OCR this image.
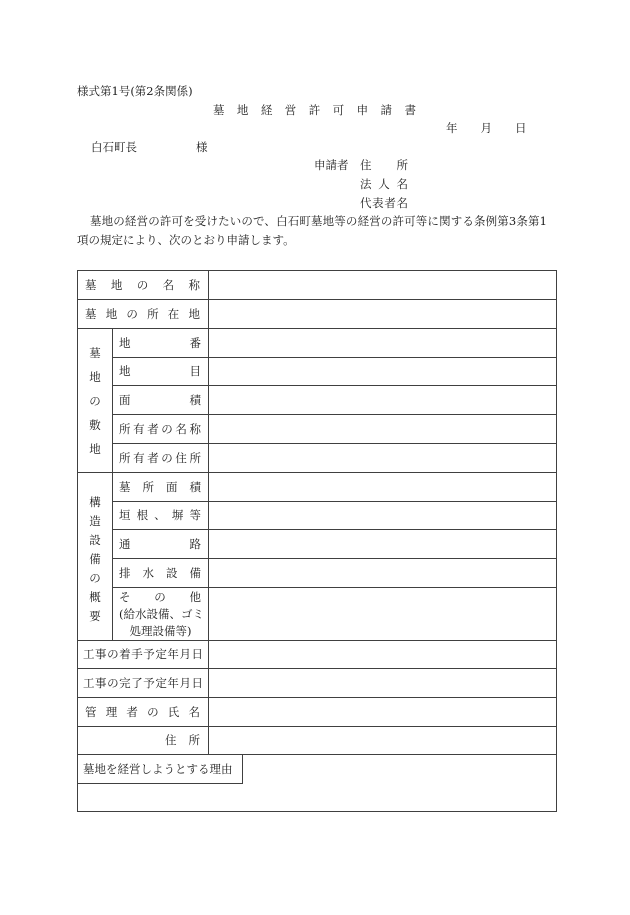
様式第1号(第2条関係)
墓地経営許可申請書
年　　月　　日
白石町長	様
申請者 住所
法人名
代表者名
墓地の経営の許可を受けたいので、白石町墓地等の経営の許可等に関する条例第3条第1
項の規定により、次のとおり申請します。
墓地の名称		
墓地の所在地		

墓地の敷地	地番	
	地目	
	面積	
	所有者の名称	
	所有者の住所	

構造設備の概要	墓所面積	
	垣根、塀等	
	通路	
	排水設備	

	その他
(給水設備、ゴミ
処理設備等)	

工事の着手予定年月日		
工事の完了予定年月日		
管理者の氏名		
住所		

墓地を経営しようとする理由		
